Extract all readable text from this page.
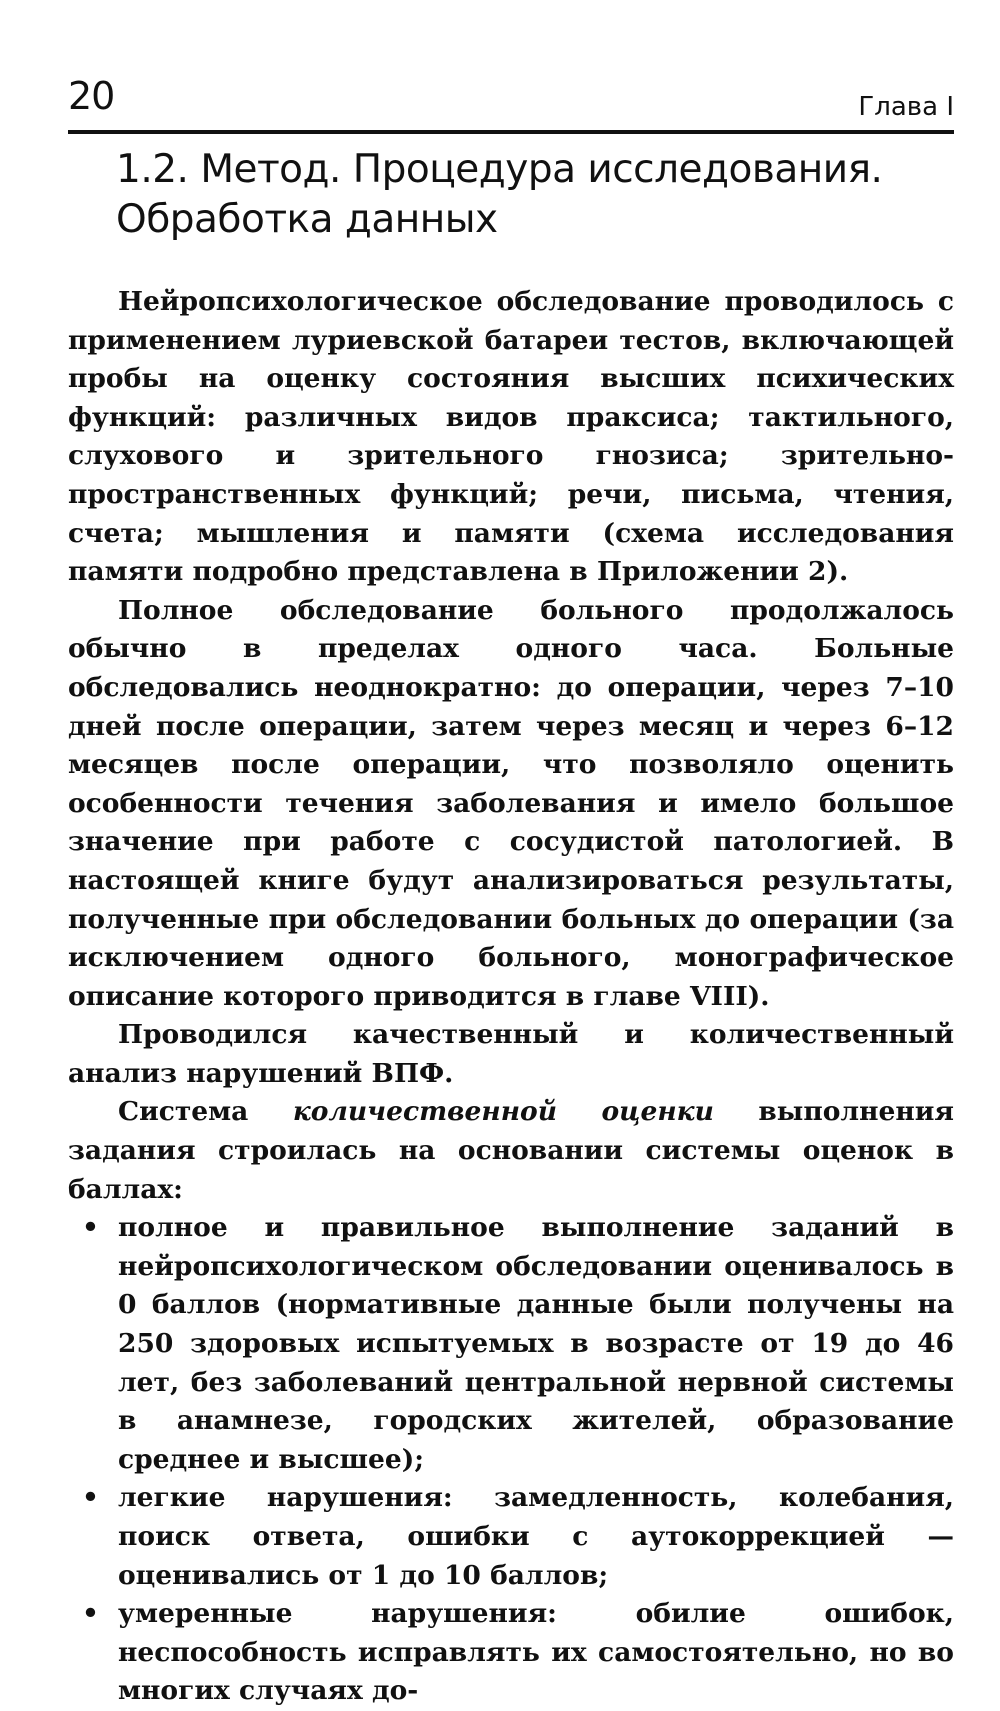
20	Глава I
1.2. Метод. Процедура исследования.
Обработка данных

Нейропсихологическое обследование проводилось с применением луриевской батареи тестов, включающей пробы на оценку состояния высших психических функций: различных видов праксиса; тактильного, слухового и зрительного гнозиса; зрительно-пространственных функций; речи, письма, чтения, счета; мышления и памяти (схема исследования памяти подробно представлена в Приложении 2).

Полное обследование больного продолжалось обычно в пределах одного часа. Больные обследовались неоднократно: до операции, через 7–10 дней после операции, затем через месяц и через 6–12 месяцев после операции, что позволяло оценить особенности течения заболевания и имело большое значение при работе с сосудистой патологией. В настоящей книге будут анализироваться результаты, полученные при обследовании больных до операции (за исключением одного больного, монографическое описание которого приводится в главе VIII).

Проводился качественный и количественный анализ нарушений ВПФ.

Система количественной оценки выполнения задания строилась на основании системы оценок в баллах:

• полное и правильное выполнение заданий в нейропсихологическом обследовании оценивалось в 0 баллов (нормативные данные были получены на 250 здоровых испытуемых в возрасте от 19 до 46 лет, без заболеваний центральной нервной системы в анамнезе, городских жителей, образование среднее и высшее);
• легкие нарушения: замедленность, колебания, поиск ответа, ошибки с аутокоррекцией — оценивались от 1 до 10 баллов;
• умеренные нарушения: обилие ошибок, неспособность исправлять их самостоятельно, но во многих случаях до-
